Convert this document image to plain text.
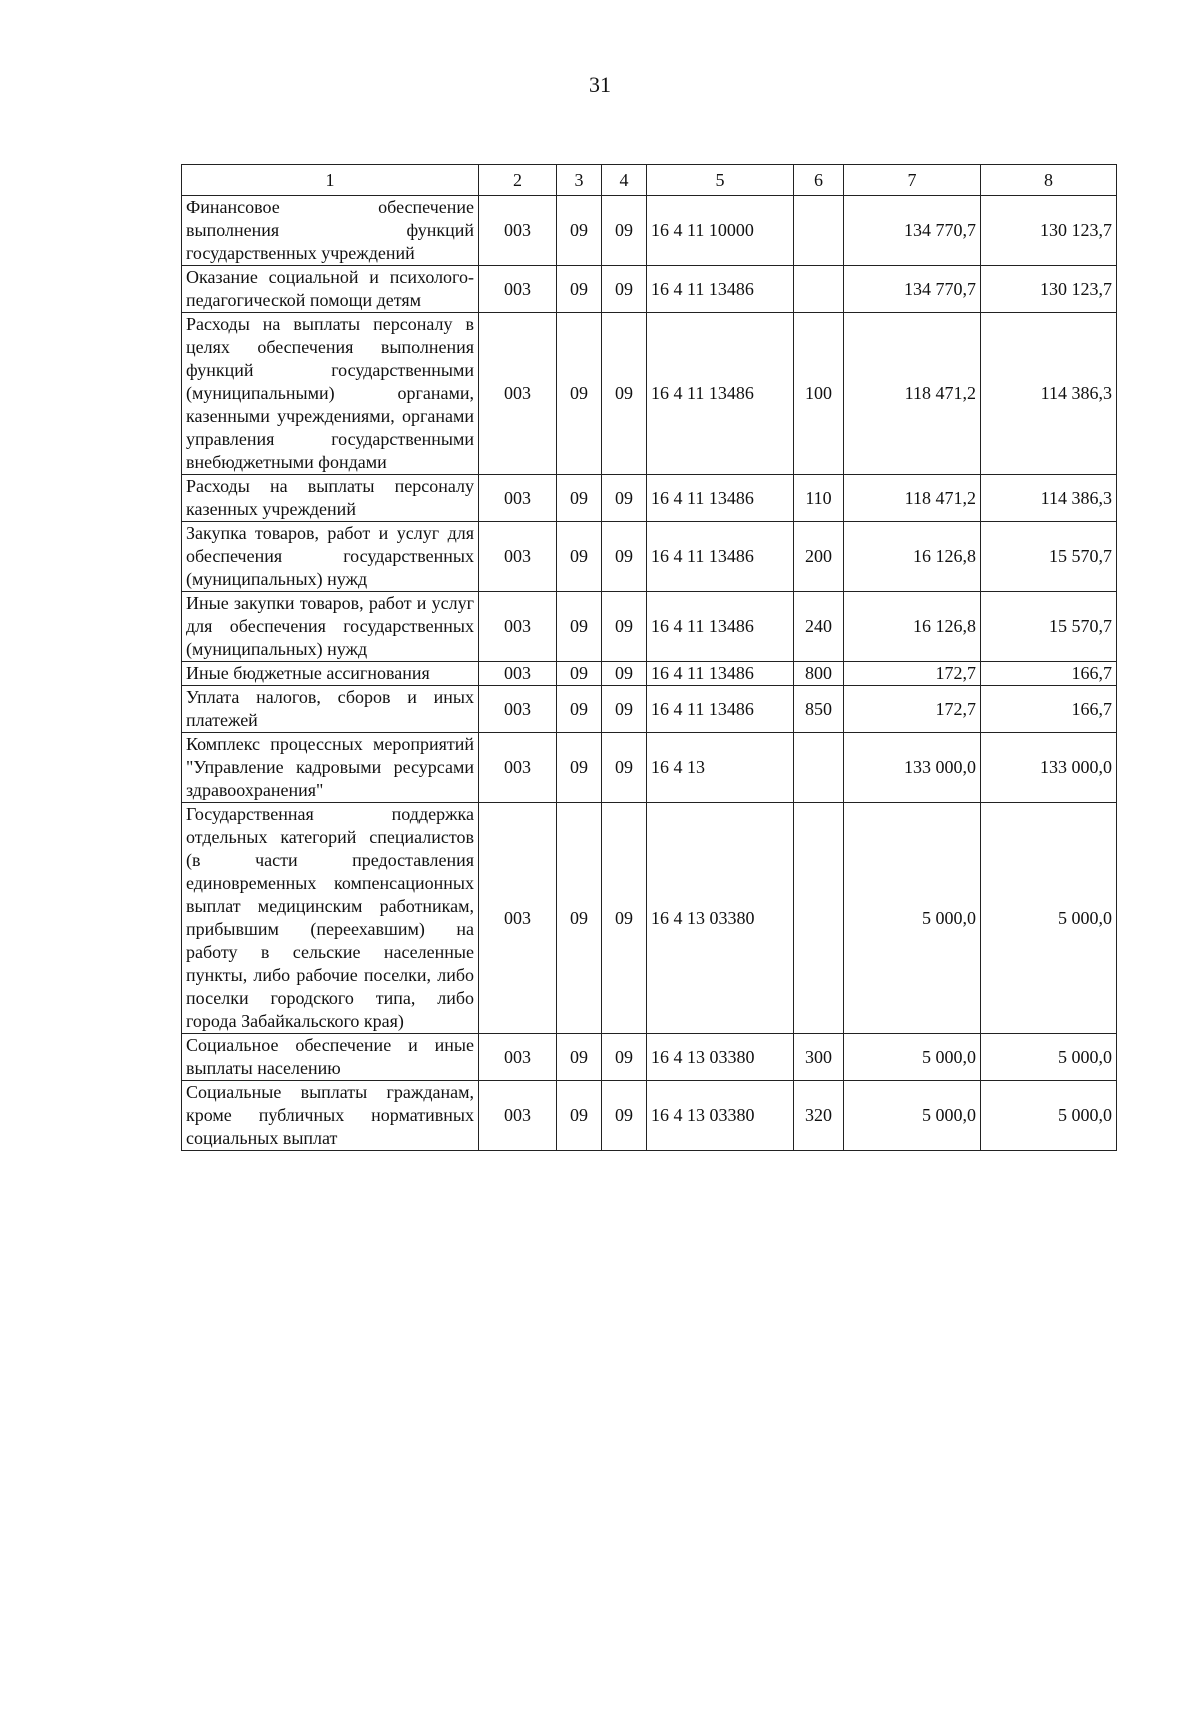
31
1	2	3	4	5	6	7	8
Финансовое обеспечение выполнения функций государственных учреждений	003	09	09	16 4 11 10000		134 770,7	130 123,7
Оказание социальной и психолого-педагогической помощи детям	003	09	09	16 4 11 13486		134 770,7	130 123,7
Расходы на выплаты персоналу в целях обеспечения выполнения функций государственными (муниципальными) органами, казенными учреждениями, органами управления государственными внебюджетными фондами	003	09	09	16 4 11 13486	100	118 471,2	114 386,3
Расходы на выплаты персоналу казенных учреждений	003	09	09	16 4 11 13486	110	118 471,2	114 386,3
Закупка товаров, работ и услуг для обеспечения государственных (муниципальных) нужд	003	09	09	16 4 11 13486	200	16 126,8	15 570,7
Иные закупки товаров, работ и услуг для обеспечения государственных (муниципальных) нужд	003	09	09	16 4 11 13486	240	16 126,8	15 570,7
Иные бюджетные ассигнования	003	09	09	16 4 11 13486	800	172,7	166,7
Уплата налогов, сборов и иных платежей	003	09	09	16 4 11 13486	850	172,7	166,7
Комплекс процессных мероприятий "Управление кадровыми ресурсами здравоохранения"	003	09	09	16 4 13		133 000,0	133 000,0
Государственная поддержка отдельных категорий специалистов (в части предоставления единовременных компенсационных выплат медицинским работникам, прибывшим (переехавшим) на работу в сельские населенные пункты, либо рабочие поселки, либо поселки городского типа, либо города Забайкальского края)	003	09	09	16 4 13 03380		5 000,0	5 000,0
Социальное обеспечение и иные выплаты населению	003	09	09	16 4 13 03380	300	5 000,0	5 000,0
Социальные выплаты гражданам, кроме публичных нормативных социальных выплат	003	09	09	16 4 13 03380	320	5 000,0	5 000,0
